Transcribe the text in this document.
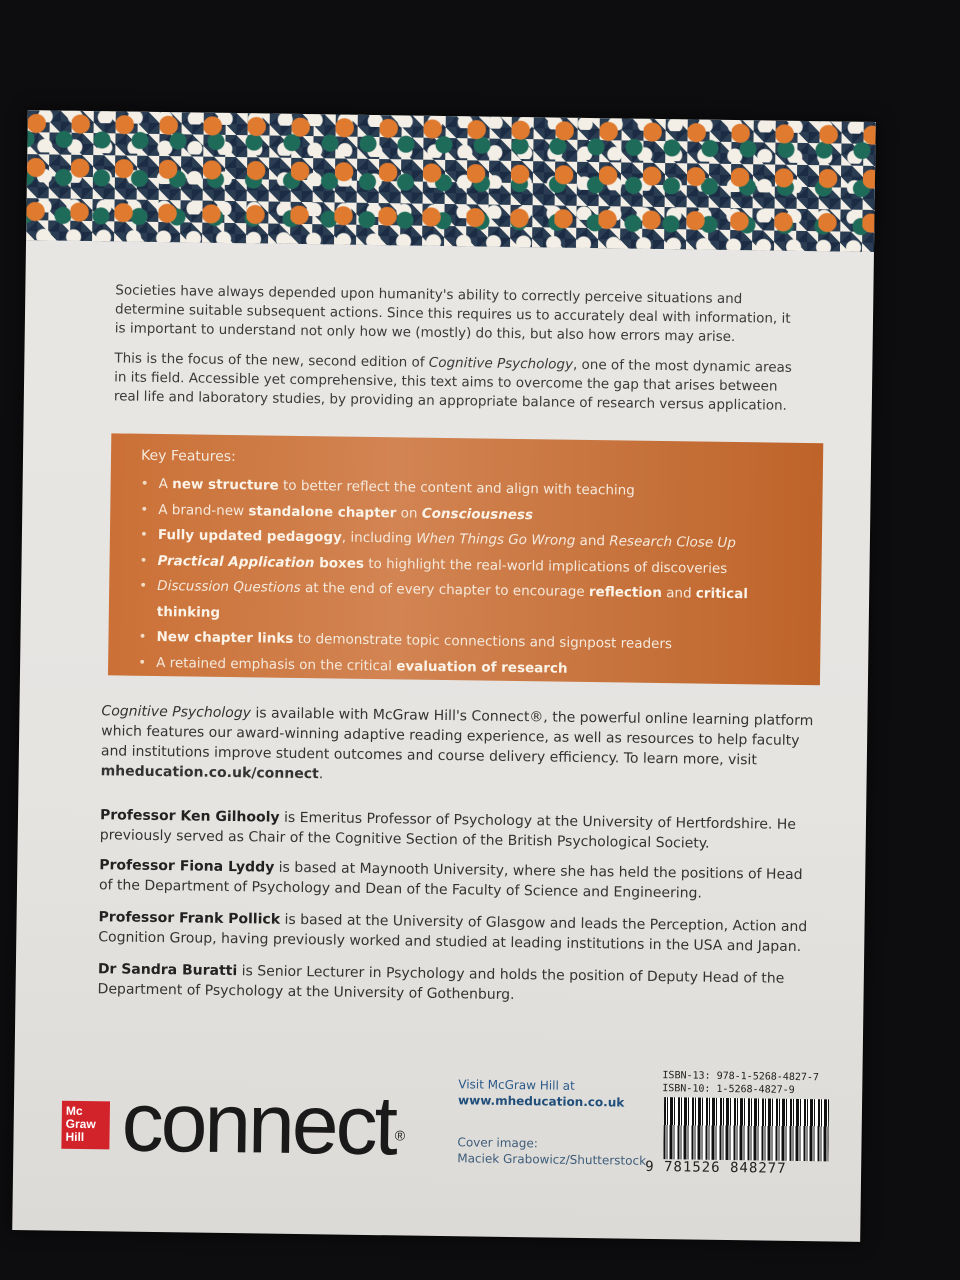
Societies have always depended upon humanity's ability to correctly perceive situations and determine suitable subsequent actions. Since this requires us to accurately deal with information, it is important to understand not only how we (mostly) do this, but also how errors may arise.
This is the focus of the new, second edition of Cognitive Psychology, one of the most dynamic areas in its field. Accessible yet comprehensive, this text aims to overcome the gap that arises between real life and laboratory studies, by providing an appropriate balance of research versus application.
Key Features:
• A new structure to better reflect the content and align with teaching
• A brand-new standalone chapter on Consciousness
• Fully updated pedagogy, including When Things Go Wrong and Research Close Up
• Practical Application boxes to highlight the real-world implications of discoveries
• Discussion Questions at the end of every chapter to encourage reflection and critical thinking
• New chapter links to demonstrate topic connections and signpost readers
• A retained emphasis on the critical evaluation of research
Cognitive Psychology is available with McGraw Hill's Connect®, the powerful online learning platform which features our award-winning adaptive reading experience, as well as resources to help faculty and institutions improve student outcomes and course delivery efficiency. To learn more, visit mheducation.co.uk/connect.
Professor Ken Gilhooly is Emeritus Professor of Psychology at the University of Hertfordshire. He previously served as Chair of the Cognitive Section of the British Psychological Society.
Professor Fiona Lyddy is based at Maynooth University, where she has held the positions of Head of the Department of Psychology and Dean of the Faculty of Science and Engineering.
Professor Frank Pollick is based at the University of Glasgow and leads the Perception, Action and Cognition Group, having previously worked and studied at leading institutions in the USA and Japan.
Dr Sandra Buratti is Senior Lecturer in Psychology and holds the position of Deputy Head of the Department of Psychology at the University of Gothenburg.
Mc
Graw
Hill connect®
Visit McGraw Hill at
www.mheducation.co.uk
Cover image:
Maciek Grabowicz/Shutterstock
ISBN-13: 978-1-5268-4827-7
ISBN-10: 1-5268-4827-9
9 781526 848277
